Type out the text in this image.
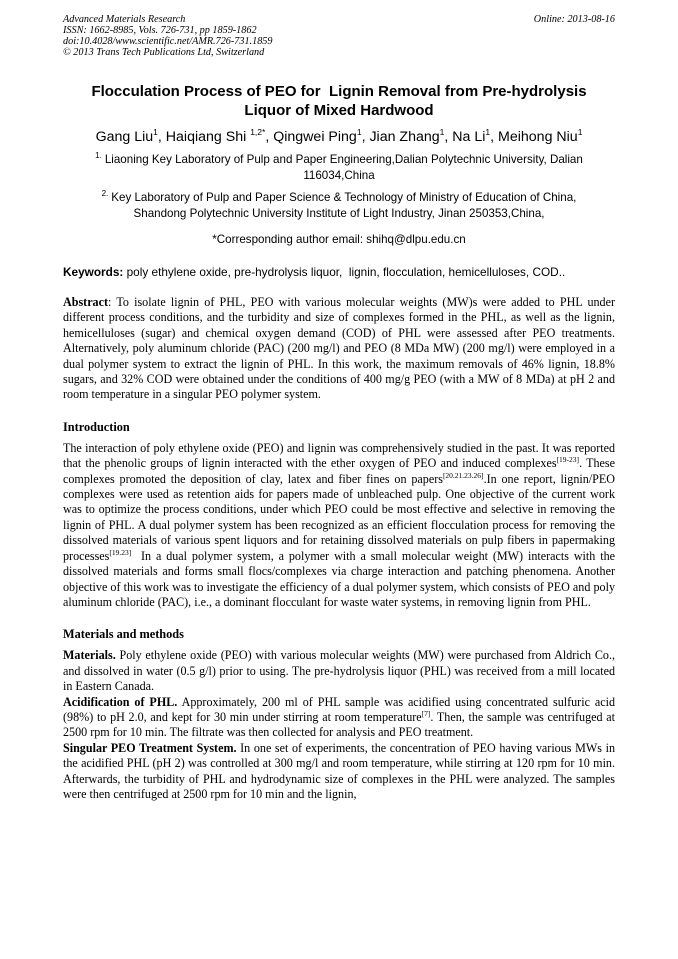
Advanced Materials Research
ISSN: 1662-8985, Vols. 726-731, pp 1859-1862
doi:10.4028/www.scientific.net/AMR.726-731.1859
© 2013 Trans Tech Publications Ltd, Switzerland
Online: 2013-08-16
Flocculation Process of PEO for  Lignin Removal from Pre-hydrolysis
Liquor of Mixed Hardwood
Gang Liu$^1$, Haiqiang Shi $^{1,2*}$, Qingwei Ping$^1$, Jian Zhang$^1$, Na Li$^1$, Meihong Niu$^1$
$^{1.}$ Liaoning Key Laboratory of Pulp and Paper Engineering,Dalian Polytechnic University, Dalian
116034,China
$^{2.}$ Key Laboratory of Pulp and Paper Science & Technology of Ministry of Education of China,
Shandong Polytechnic University Institute of Light Industry, Jinan 250353,China,
*Corresponding author email: shihq@dlpu.edu.cn
Keywords: poly ethylene oxide, pre-hydrolysis liquor,  lignin, flocculation, hemicelluloses, COD..

Abstract: To isolate lignin of PHL, PEO with various molecular weights (MW)s were added to PHL under different process conditions, and the turbidity and size of complexes formed in the PHL, as well as the lignin, hemicelluloses (sugar) and chemical oxygen demand (COD) of PHL were assessed after PEO treatments. Alternatively, poly aluminum chloride (PAC) (200 mg/l) and PEO (8 MDa MW) (200 mg/l) were employed in a dual polymer system to extract the lignin of PHL. In this work, the maximum removals of 46% lignin, 18.8% sugars, and 32% COD were obtained under the conditions of 400 mg/g PEO (with a MW of 8 MDa) at pH 2 and room temperature in a singular PEO polymer system.

Introduction

The interaction of poly ethylene oxide (PEO) and lignin was comprehensively studied in the past. It was reported that the phenolic groups of lignin interacted with the ether oxygen of PEO and induced complexes[19-23]. These complexes promoted the deposition of clay, latex and fiber fines on papers[20.21.23.26].In one report, lignin/PEO complexes were used as retention aids for papers made of unbleached pulp. One objective of the current work was to optimize the process conditions, under which PEO could be most effective and selective in removing the lignin of PHL. A dual polymer system has been recognized as an efficient flocculation process for removing the dissolved materials of various spent liquors and for retaining dissolved materials on pulp fibers in papermaking processes[19.23]  In a dual polymer system, a polymer with a small molecular weight (MW) interacts with the dissolved materials and forms small flocs/complexes via charge interaction and patching phenomena. Another objective of this work was to investigate the efficiency of a dual polymer system, which consists of PEO and poly aluminum chloride (PAC), i.e., a dominant flocculant for waste water systems, in removing lignin from PHL.

Materials and methods

Materials. Poly ethylene oxide (PEO) with various molecular weights (MW) were purchased from Aldrich Co., and dissolved in water (0.5 g/l) prior to using. The pre-hydrolysis liquor (PHL) was received from a mill located in Eastern Canada.

Acidification of PHL. Approximately, 200 ml of PHL sample was acidified using concentrated sulfuric acid (98%) to pH 2.0, and kept for 30 min under stirring at room temperature[7]. Then, the sample was centrifuged at 2500 rpm for 10 min. The filtrate was then collected for analysis and PEO treatment.

Singular PEO Treatment System. In one set of experiments, the concentration of PEO having various MWs in the acidified PHL (pH 2) was controlled at 300 mg/l and room temperature, while stirring at 120 rpm for 10 min. Afterwards, the turbidity of PHL and hydrodynamic size of complexes in the PHL were analyzed. The samples were then centrifuged at 2500 rpm for 10 min and the lignin,
